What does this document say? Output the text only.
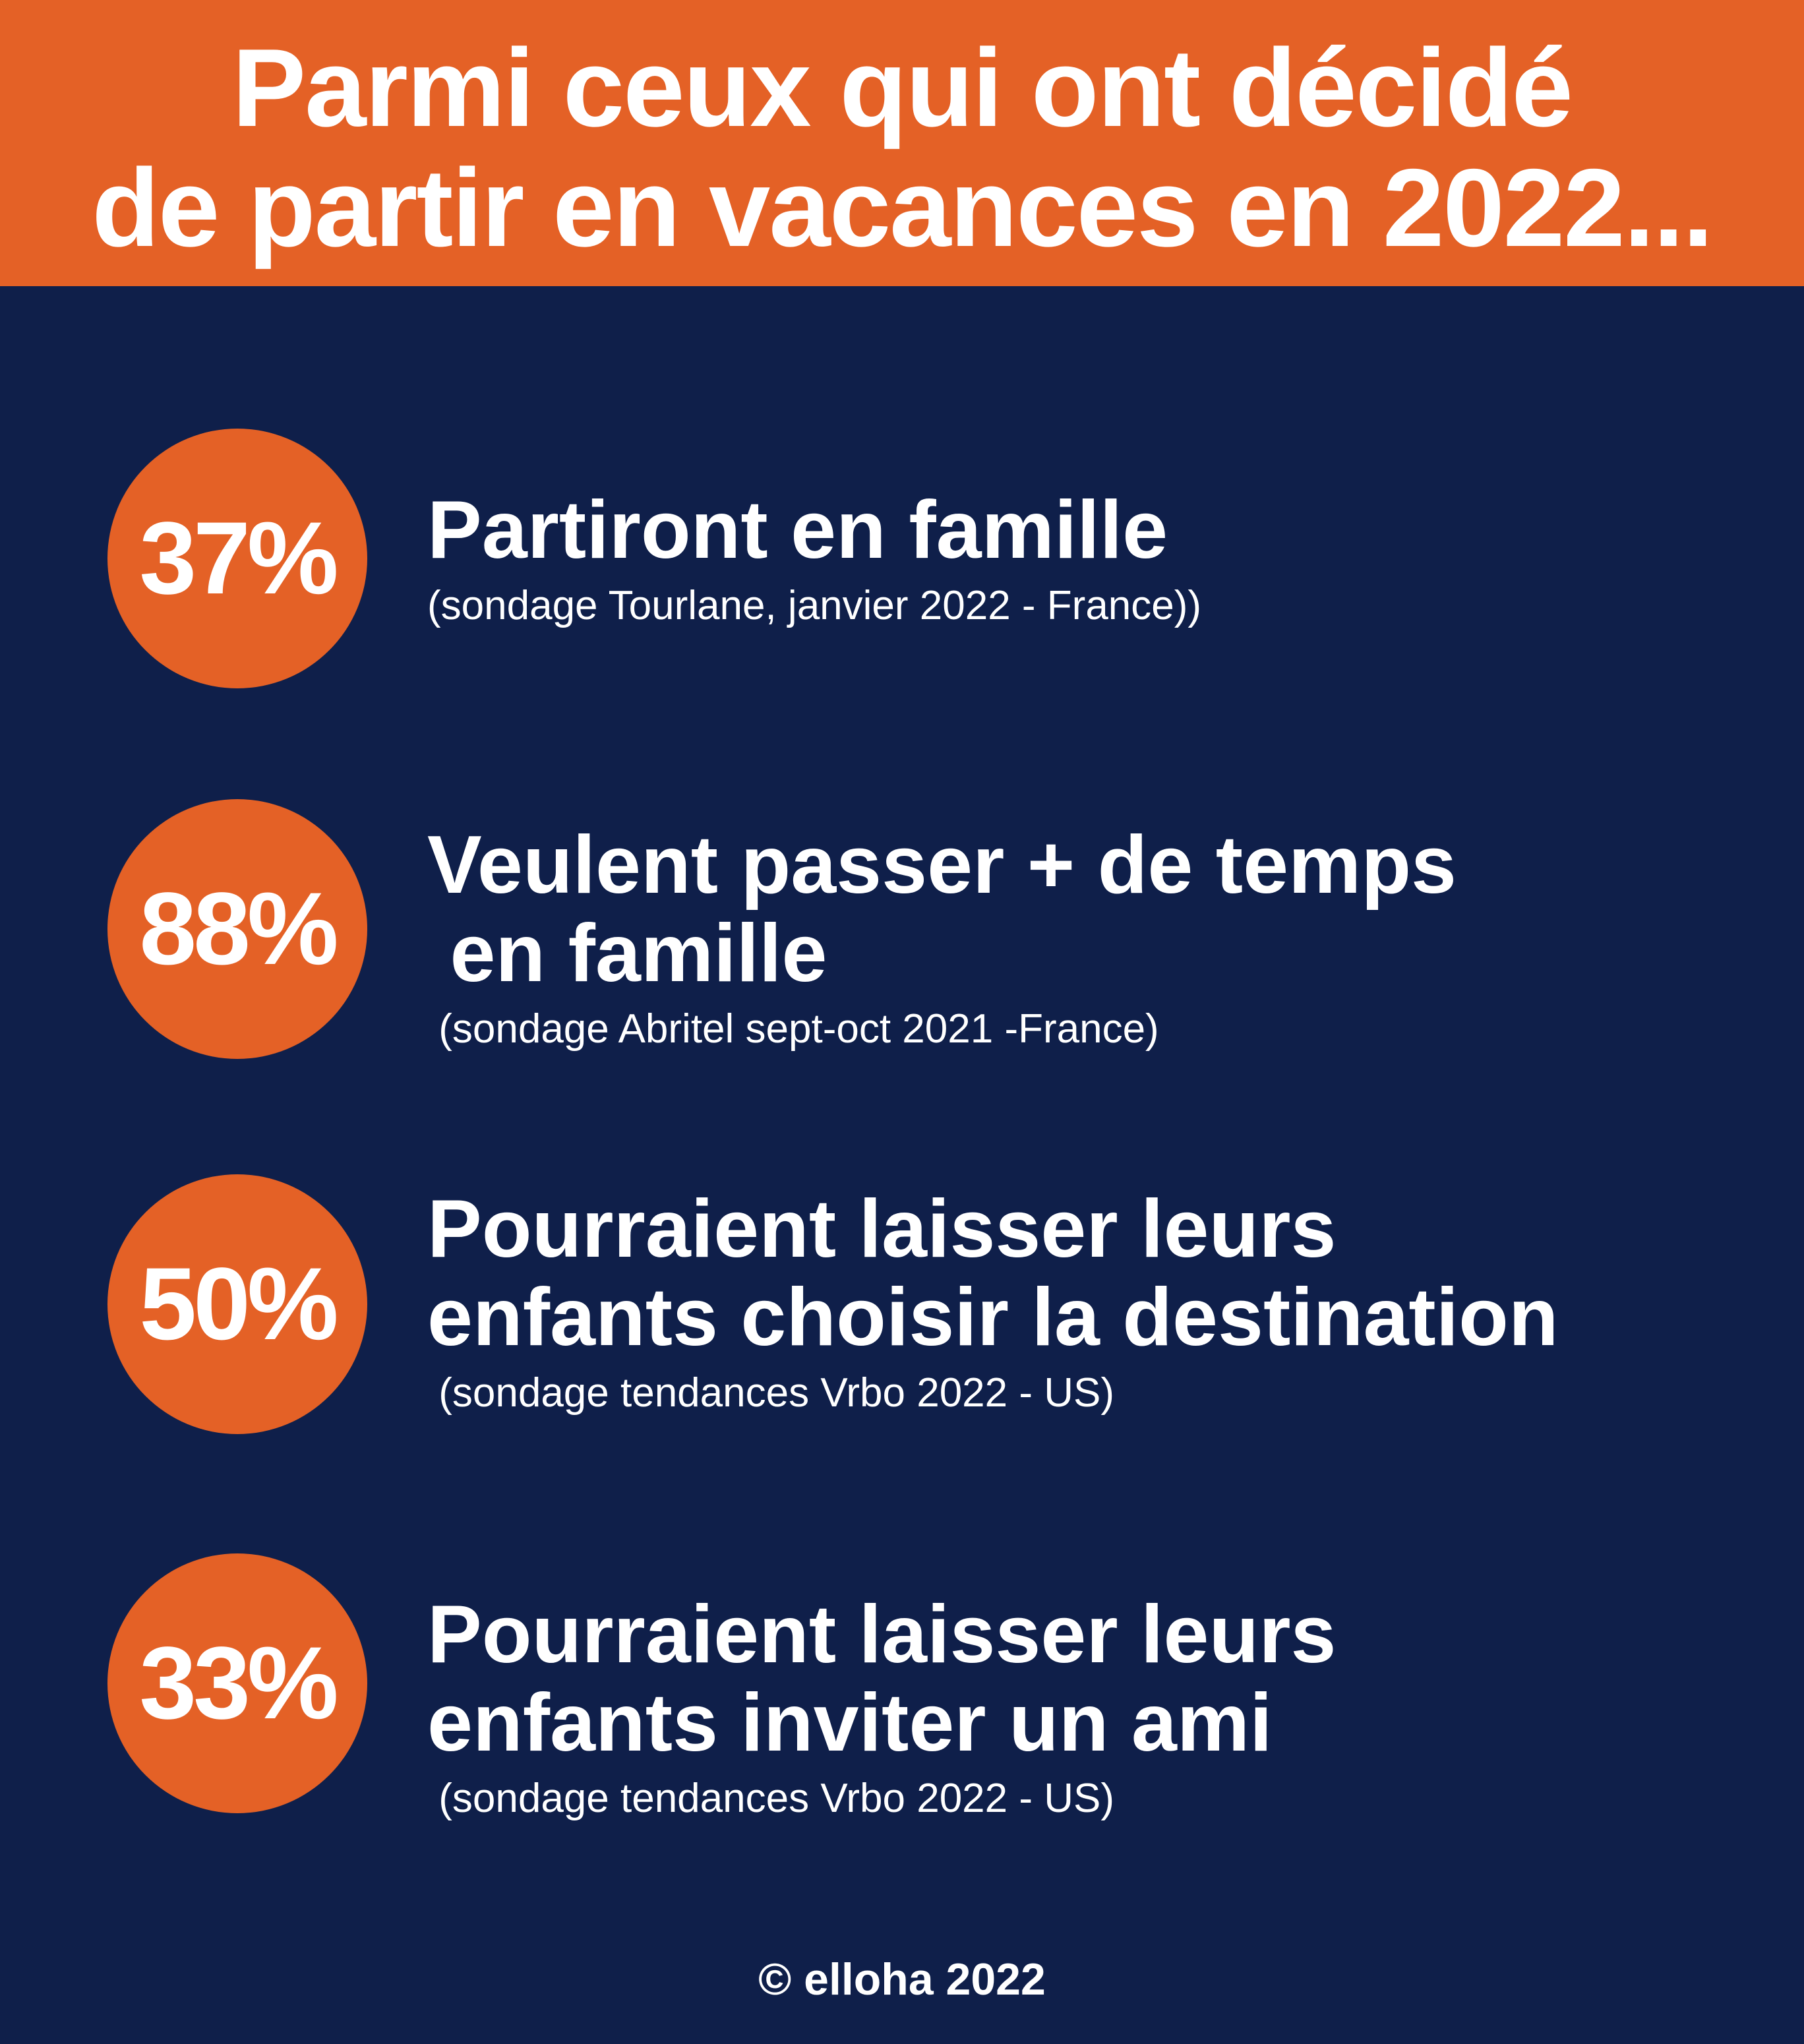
Parmi ceux qui ont décidé
de partir en vacances en 2022...
37% Partiront en famille
(sondage Tourlane, janvier 2022 - France))
88%
Veulent passer + de temps
en famille
(sondage Abritel sept-oct 2021 -France)
50%
Pourraient laisser leurs
enfants choisir la destination
(sondage tendances Vrbo 2022 - US)
33% Pourraient laisser leurs
enfants inviter un ami
(sondage tendances Vrbo 2022 - US)
© elloha 2022
